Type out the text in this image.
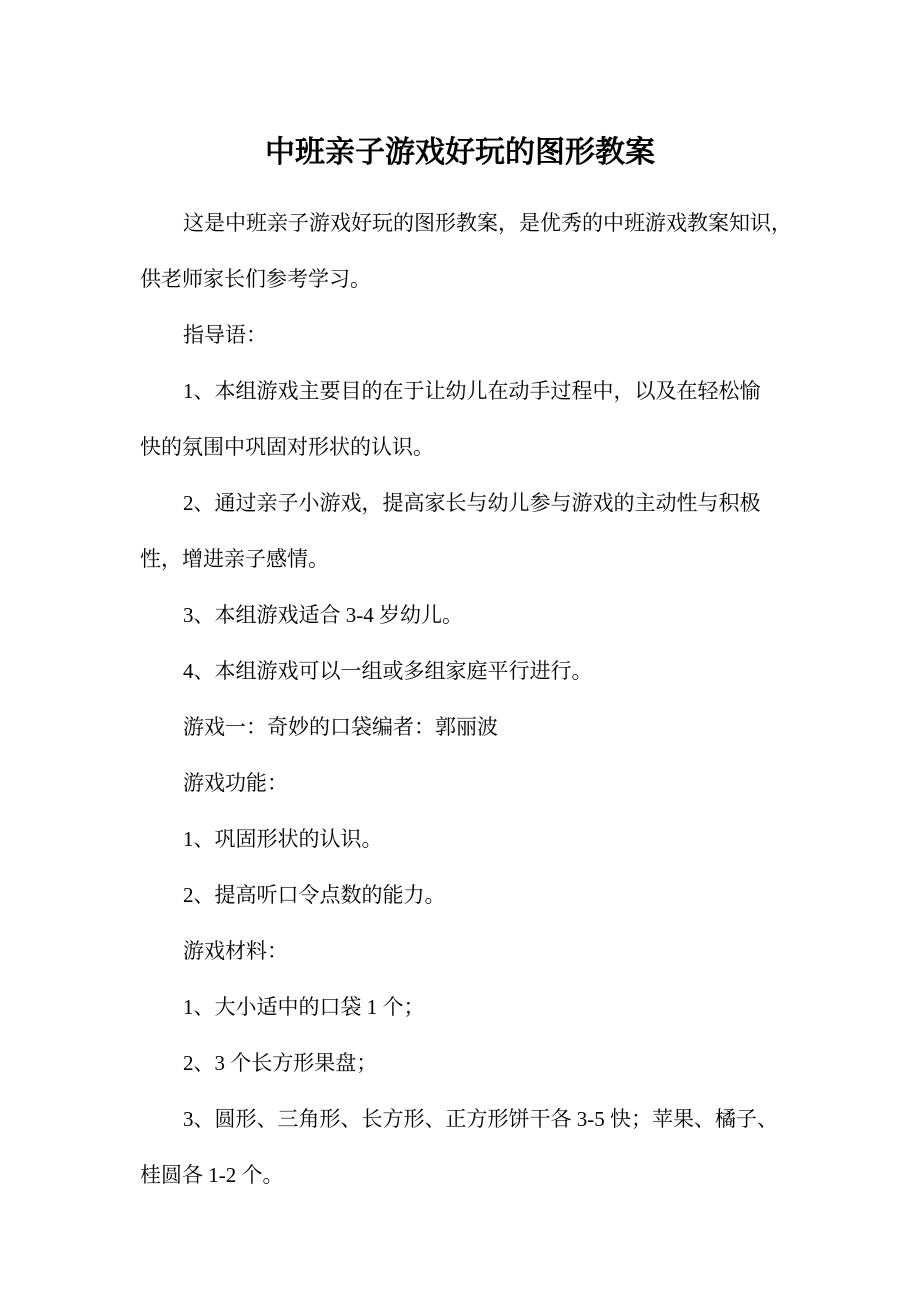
中班亲子游戏好玩的图形教案
这是中班亲子游戏好玩的图形教案，是优秀的中班游戏教案知识，
供老师家长们参考学习。
指导语：
1、本组游戏主要目的在于让幼儿在动手过程中，以及在轻松愉
快的氛围中巩固对形状的认识。
2、通过亲子小游戏，提高家长与幼儿参与游戏的主动性与积极
性，增进亲子感情。
3、本组游戏适合 3-4 岁幼儿。
4、本组游戏可以一组或多组家庭平行进行。
游戏一：奇妙的口袋编者：郭丽波
游戏功能：
1、巩固形状的认识。
2、提高听口令点数的能力。
游戏材料：
1、大小适中的口袋 1 个；
2、3 个长方形果盘；
3、圆形、三角形、长方形、正方形饼干各 3-5 快；苹果、橘子、
桂圆各 1-2 个。
